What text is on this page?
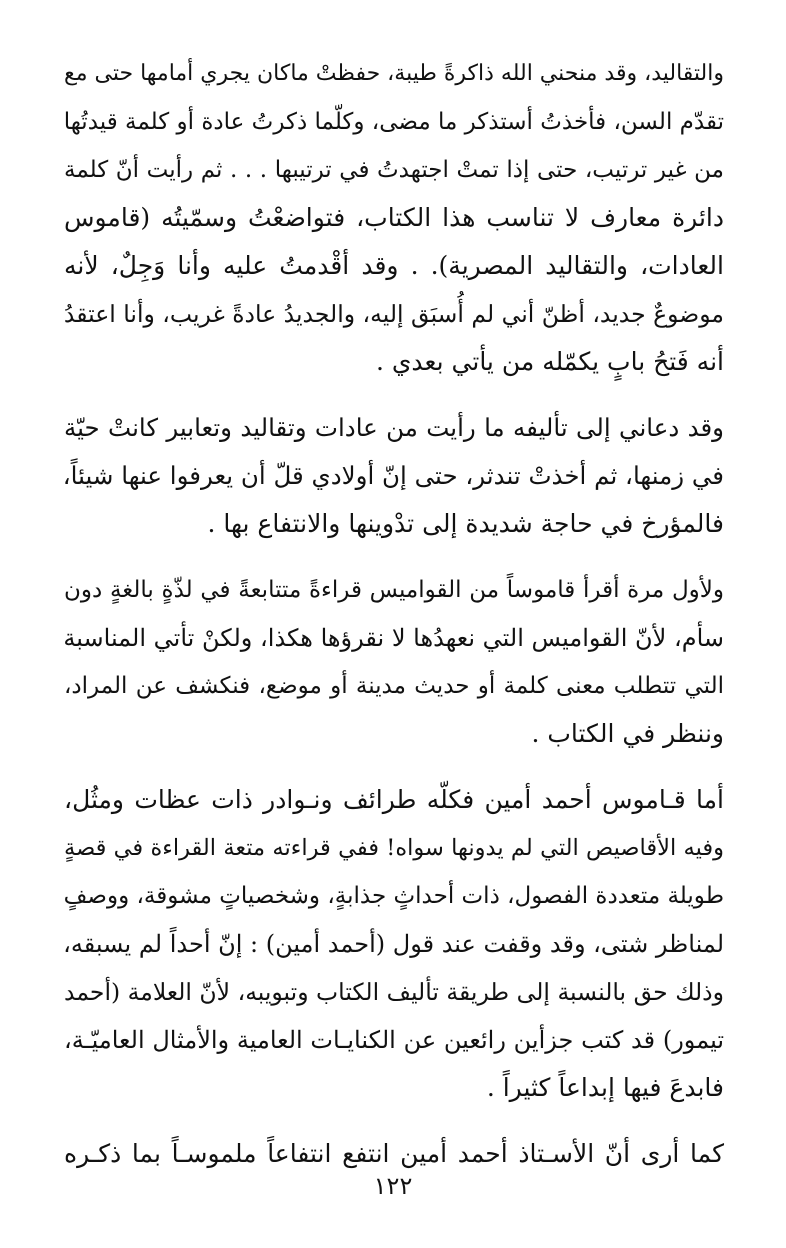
والتقاليد، وقد منحني الله ذاكرةً طيبة، حفظتْ ماكان يجري أمامها حتى مع
تقدّم السن، فأخذتُ أستذكر ما مضى، وكلّما ذكرتُ عادة أو كلمة قيدتُها
من غير ترتيب، حتى إذا تمتْ اجتهدتُ في ترتيبها . . . ثم رأيت أنّ كلمة
دائرة معارف لا تناسب هذا الكتاب، فتواضعْتُ وسمّيتُه (قاموس
العادات، والتقاليد المصرية). . وقد أقْدمتُ عليه وأنا وَجِلٌ، لأنه
موضوعٌ جديد، أظنّ أني لم أُسبَق إليه، والجديدُ عادةً غريب، وأنا اعتقدُ
أنه فَتحُ بابٍ يكمّله من يأتي بعدي .
وقد دعاني إلى تأليفه ما رأيت من عادات وتقاليد وتعابير كانتْ حيّة
في زمنها، ثم أخذتْ تندثر، حتى إنّ أولادي قلّ أن يعرفوا عنها شيئاً،
فالمؤرخ في حاجة شديدة إلى تدْوينها والانتفاع بها .
ولأول مرة أقرأ قاموساً من القواميس قراءةً متتابعةً في لذّةٍ بالغةٍ دون
سأم، لأنّ القواميس التي نعهدُها لا نقرؤها هكذا، ولكنْ تأتي المناسبة
التي تتطلب معنى كلمة أو حديث مدينة أو موضع، فنكشف عن المراد،
وننظر في الكتاب .
أما قـاموس أحمد أمين فكلّه طرائف ونـوادر ذات عظات ومثُل،
وفيه الأقاصيص التي لم يدونها سواه! ففي قراءته متعة القراءة في قصةٍ
طويلة متعددة الفصول، ذات أحداثٍ جذابةٍ، وشخصياتٍ مشوقة، ووصفٍ
لمناظر شتى، وقد وقفت عند قول (أحمد أمين) : إنّ أحداً لم يسبقه،
وذلك حق بالنسبة إلى طريقة تأليف الكتاب وتبويبه، لأنّ العلامة (أحمد
تيمور) قد كتب جزأين رائعين عن الكنايـات العامية والأمثال العاميّـة،
فابدعَ فيها إبداعاً كثيراً .
كما أرى أنّ الأسـتاذ أحمد أمين انتفع انتفاعاً ملموسـاً بما ذكـره
١٢٢
